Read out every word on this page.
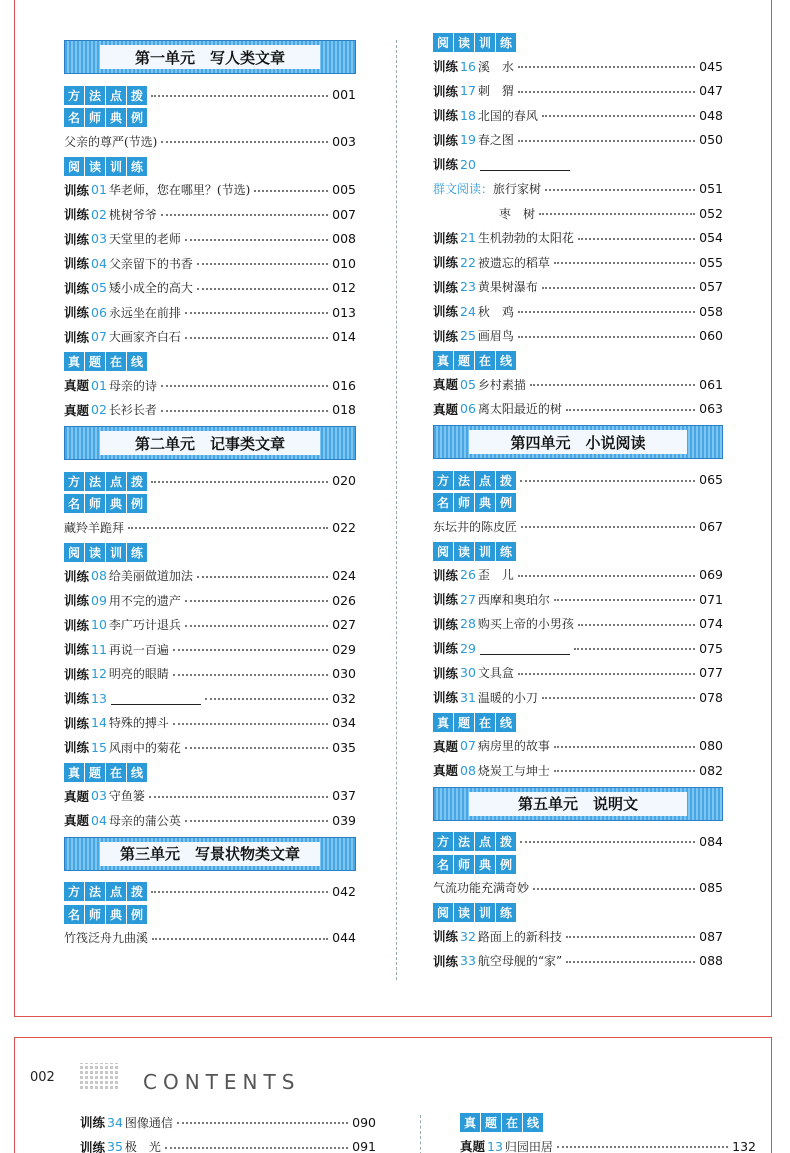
第一单元　写人类文章
方 法 点 拨	001
名 师 典 例
父亲的尊严(节选)	003
阅 读 训 练
训练 01 华老师，您在哪里？(节选)	005
训练 02 桃树爷爷	007
训练 03 天堂里的老师	008
训练 04 父亲留下的书香	010
训练 05 矮小成全的高大	012
训练 06 永远坐在前排	013
训练 07 大画家齐白石	014
真 题 在 线
真题 01 母亲的诗	016
真题 02 长衫长者	018
第二单元　记事类文章
方 法 点 拨	020
名 师 典 例
藏羚羊跪拜	022
阅 读 训 练
训练 08 给美丽做道加法	024
训练 09 用不完的遗产	026
训练 10 李广巧计退兵	027
训练 11 再说一百遍	029
训练 12 明亮的眼睛	030
训练 13	032
训练 14 特殊的搏斗	034
训练 15 风雨中的菊花	035
真 题 在 线
真题 03 守鱼篓	037
真题 04 母亲的蒲公英	039
第三单元　写景状物类文章
方 法 点 拨	042
名 师 典 例
竹筏泛舟九曲溪	044
阅 读 训 练
训练 16 溪　水	045
训练 17 刺　猬	047
训练 18 北国的春风	048
训练 19 春之图	050
训练 20
群文阅读： 旅行家树	051
枣　树	052
训练 21 生机勃勃的太阳花	054
训练 22 被遗忘的稻草	055
训练 23 黄果树瀑布	057
训练 24 秋　鸡	058
训练 25 画眉鸟	060
真 题 在 线
真题 05 乡村素描	061
真题 06 离太阳最近的树	063
第四单元　小说阅读
方 法 点 拨	065
名 师 典 例
东坛井的陈皮匠	067
阅 读 训 练
训练 26 歪　儿	069
训练 27 西摩和奥珀尔	071
训练 28 购买上帝的小男孩	074
训练 29	075
训练 30 文具盒	077
训练 31 温暖的小刀	078
真 题 在 线
真题 07 病房里的故事	080
真题 08 烧炭工与坤士	082
第五单元　说明文
方 法 点 拨	084
名 师 典 例
气流功能充满奇妙	085
阅 读 训 练
训练 32 路面上的新科技	087
训练 33 航空母舰的“家”	088
002	CONTENTS
训练 34 图像通信	090
训练 35 极　光	091
真 题 在 线
真题 13 归园田居	132
